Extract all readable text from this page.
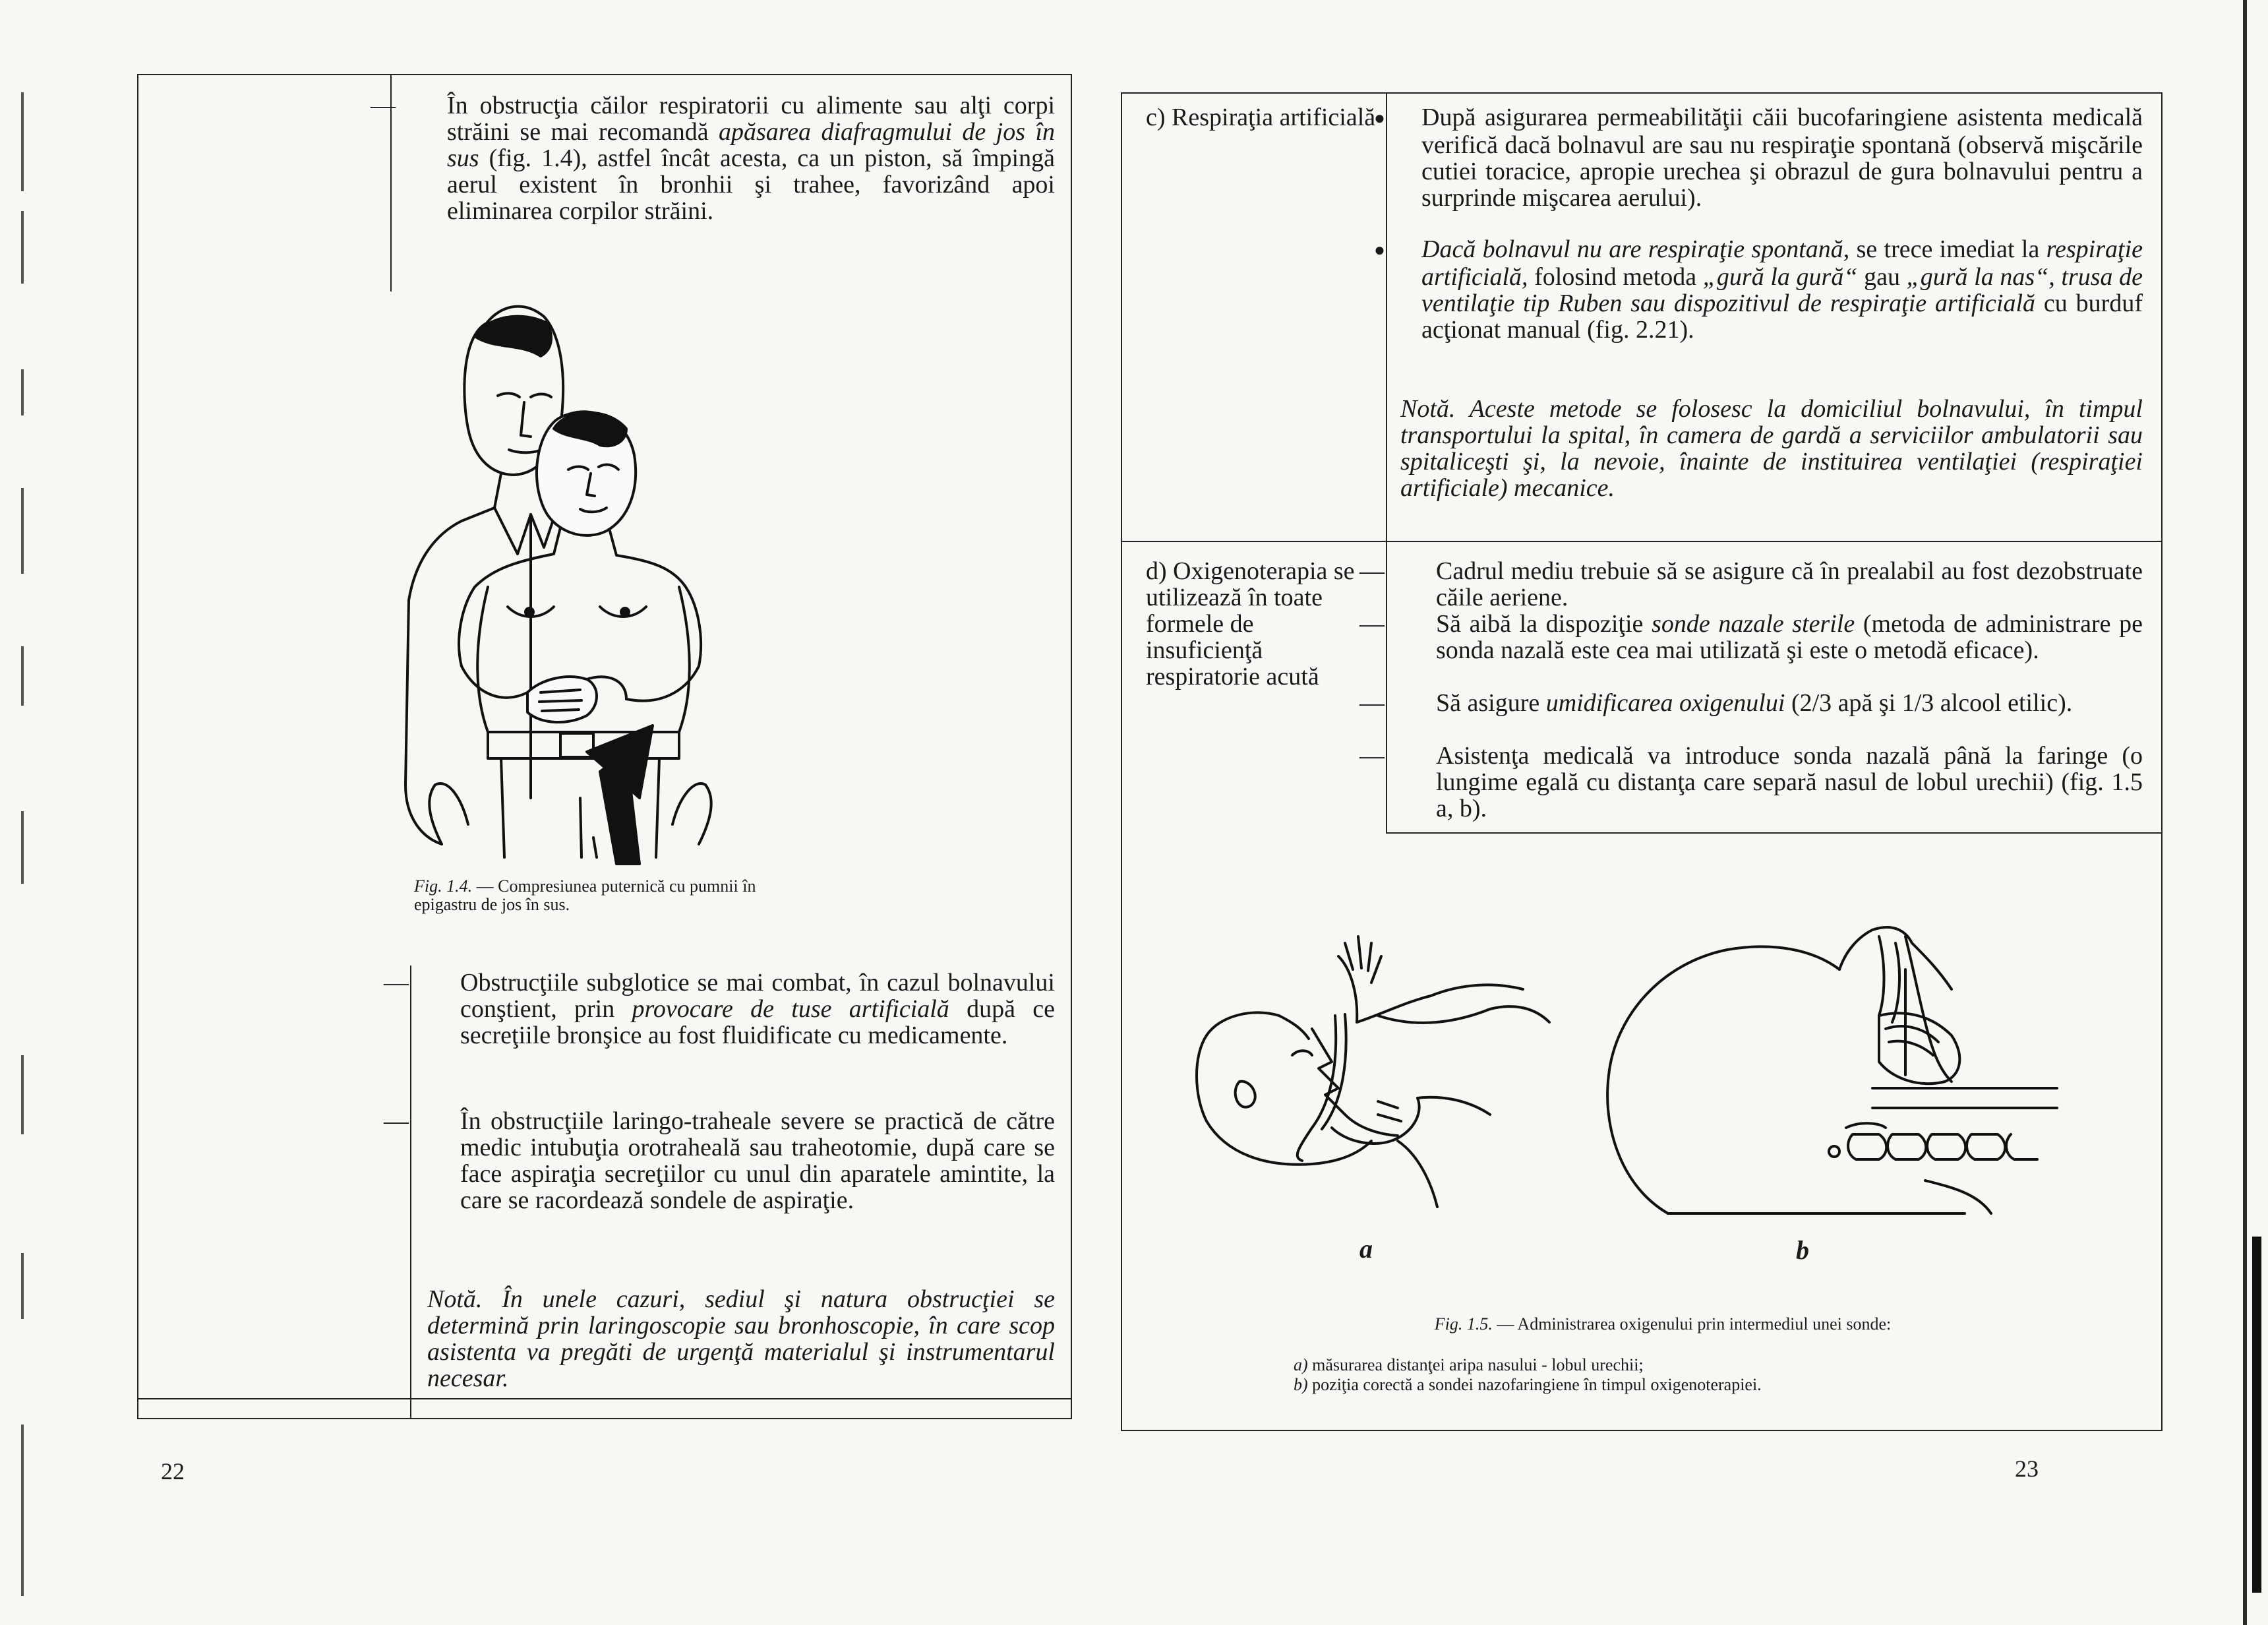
— În obstrucţia căilor respiratorii cu alimente sau alţi corpi străini se mai recomandă apăsarea diafragmului de jos în sus (fig. 1.4), astfel încât acesta, ca un piston, să împingă aerul existent în bronhii şi trahee, favorizând apoi eliminarea corpilor străini.

Fig. 1.4. — Compresiunea puternică cu pumnii în epigastru de jos în sus.

— Obstrucţiile subglotice se mai combat, în cazul bolnavului conştient, prin provocare de tuse artificială după ce secreţiile bronşice au fost fluidificate cu medicamente.

— În obstrucţiile laringo-traheale severe se practică de către medic intubuţia orotraheală sau traheotomie, după care se face aspiraţia secreţiilor cu unul din aparatele amintite, la care se racordează sondele de aspiraţie.

Notă. În unele cazuri, sediul şi natura obstrucţiei se determină prin laringoscopie sau bronhoscopie, în care scop asistenta va pregăti de urgenţă materialul şi instrumentarul necesar.

22

c) Respiraţia artificială

● După asigurarea permeabilităţii căii bucofaringiene asistenta medicală verifică dacă bolnavul are sau nu respiraţie spontană (observă mişcările cutiei toracice, apropie urechea şi obrazul de gura bolnavului pentru a surprinde mişcarea aerului).

● Dacă bolnavul nu are respiraţie spontană, se trece imediat la respiraţie artificială, folosind metoda „gură la gură“ gau „gură la nas“, trusa de ventilaţie tip Ruben sau dispozitivul de respiraţie artificială cu burduf acţionat manual (fig. 2.21).

Notă. Aceste metode se folosesc la domiciliul bolnavului, în timpul transportului la spital, în camera de gardă a serviciilor ambulatorii sau spitaliceşti şi, la nevoie, înainte de instituirea ventilaţiei (respiraţiei artificiale) mecanice.

d) Oxigenoterapia se utilizează în toate formele de insuficienţă respiratorie acută

— Cadrul mediu trebuie să se asigure că în prealabil au fost dezobstruate căile aeriene.

— Să aibă la dispoziţie sonde nazale sterile (metoda de administrare pe sonda nazală este cea mai utilizată şi este o metodă eficace).

— Să asigure umidificarea oxigenului (2/3 apă şi 1/3 alcool etilic).

— Asistenţa medicală va introduce sonda nazală până la faringe (o lungime egală cu distanţa care separă nasul de lobul urechii) (fig. 1.5 a, b).

a	b
Fig. 1.5. — Administrarea oxigenului prin intermediul unei sonde:
a) măsurarea distanţei aripa nasului - lobul urechii;
b) poziţia corectă a sondei nazofaringiene în timpul oxigenoterapiei.
23
